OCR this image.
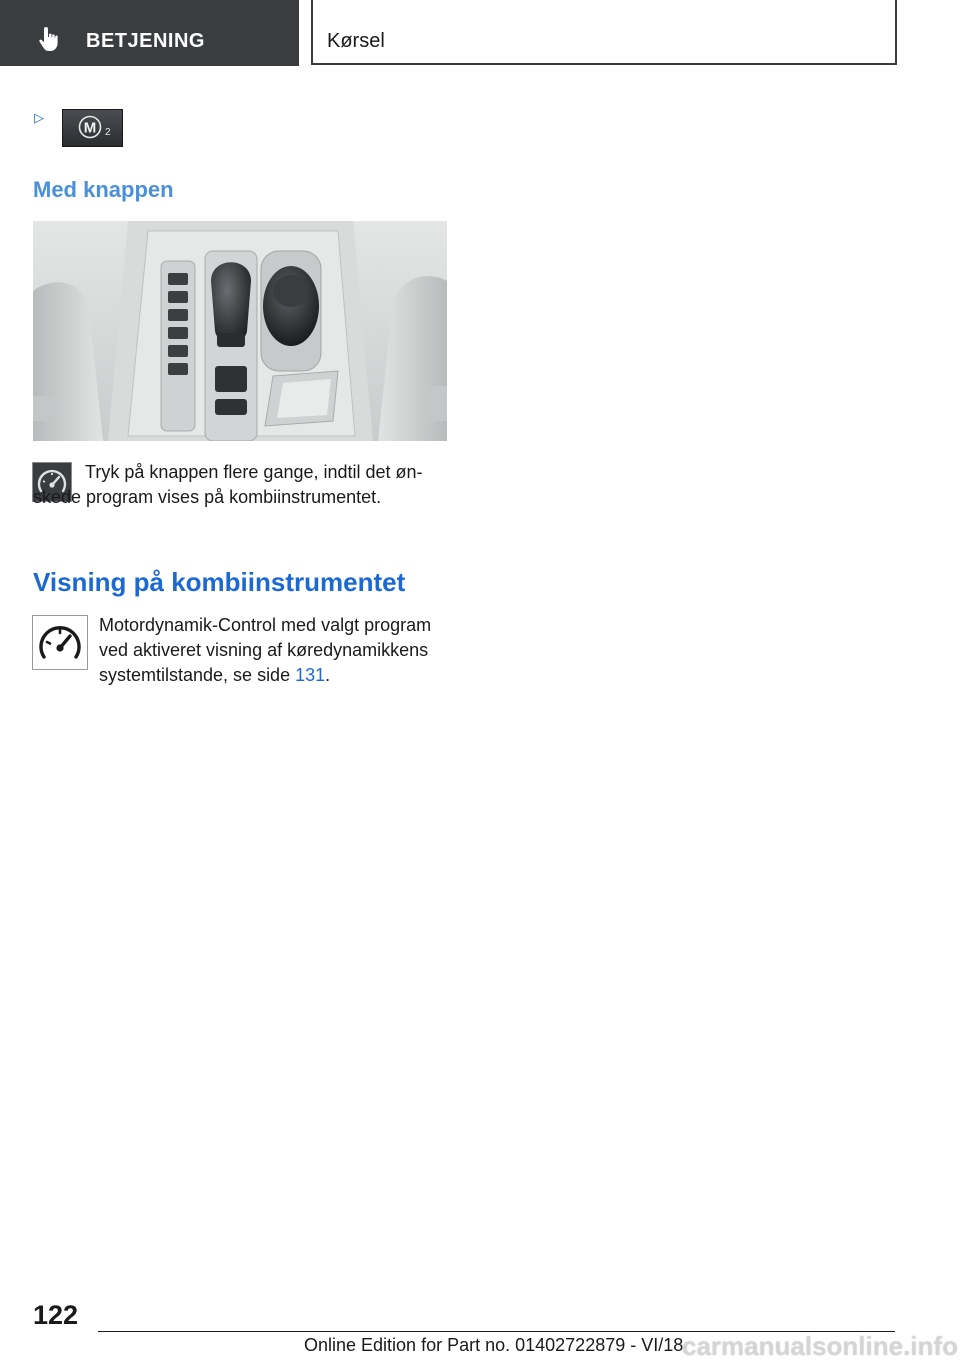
BETJENING	Kørsel
▷
M 2
Med knappen

Tryk på knappen flere gange, indtil det ønskede program vises på kombiinstrumentet.

Visning på kombiinstrumentet

Motordynamik-Control med valgt program ved aktiveret visning af køredynamikkens systemtilstande, se side 131.

122
Online Edition for Part no. 01402722879 - VI/18
carmanualsonline.info
